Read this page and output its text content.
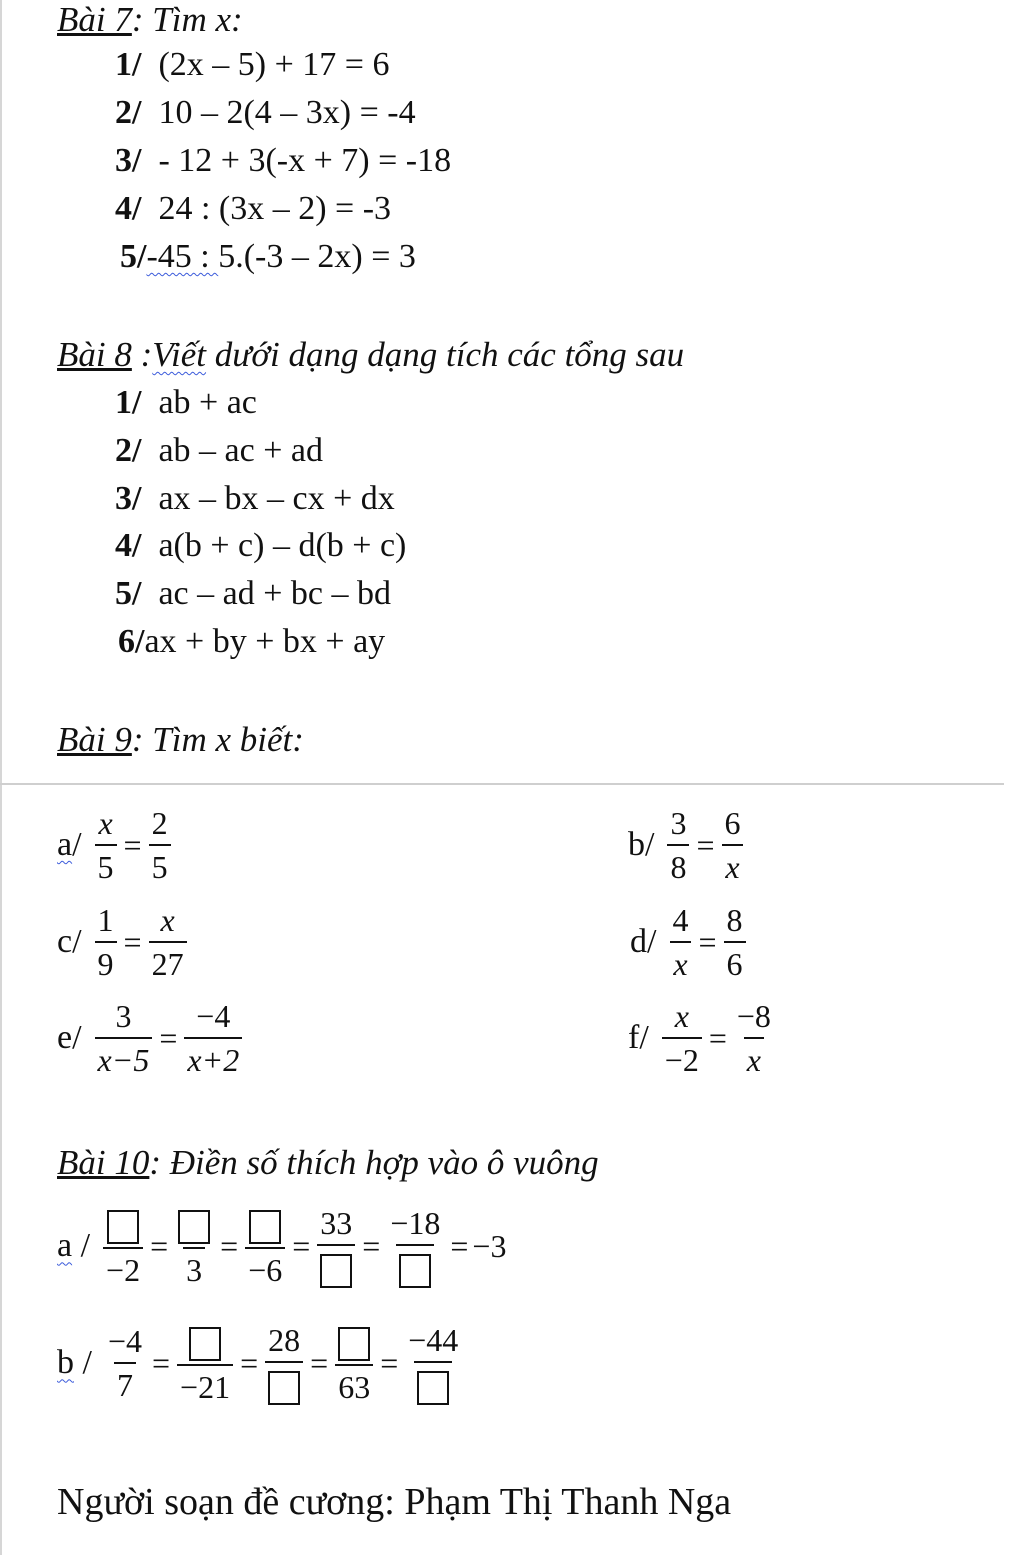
Bài 7: Tìm x:
1/ (2x – 5) + 17 = 6
2/ 10 – 2(4 – 3x) = -4
3/ - 12 + 3(-x + 7) = -18
4/ 24 : (3x – 2) = -3
5/-45 : 5.(-3 – 2x) = 3
Bài 8 :Viết dưới dạng dạng tích các tổng sau
1/ ab + ac
2/ ab – ac + ad
3/ ax – bx – cx + dx
4/ a(b + c) – d(b + c)
5/ ac – ad + bc – bd
6/ax + by + bx + ay
Bài 9: Tìm x biết:
$a/ \frac{x}{5} = \frac{2}{5}$	$b/ \frac{3}{8} = \frac{6}{x}$
$c/ \frac{1}{9} = \frac{x}{27}$	$d/ \frac{4}{x} = \frac{8}{6}$
$e/ \frac{3}{x-5} = \frac{-4}{x+2}$	$f/ \frac{x}{-2} = \frac{-8}{x}$
Bài 10: Điền số thích hợp vào ô vuông
a /
−2
=
3
=
−6
=
33
=
−18
= −3
b / $\frac{-4}{7}$ =
−21
=
28
=
63
=
−44
Người soạn đề cương: Phạm Thị Thanh Nga
